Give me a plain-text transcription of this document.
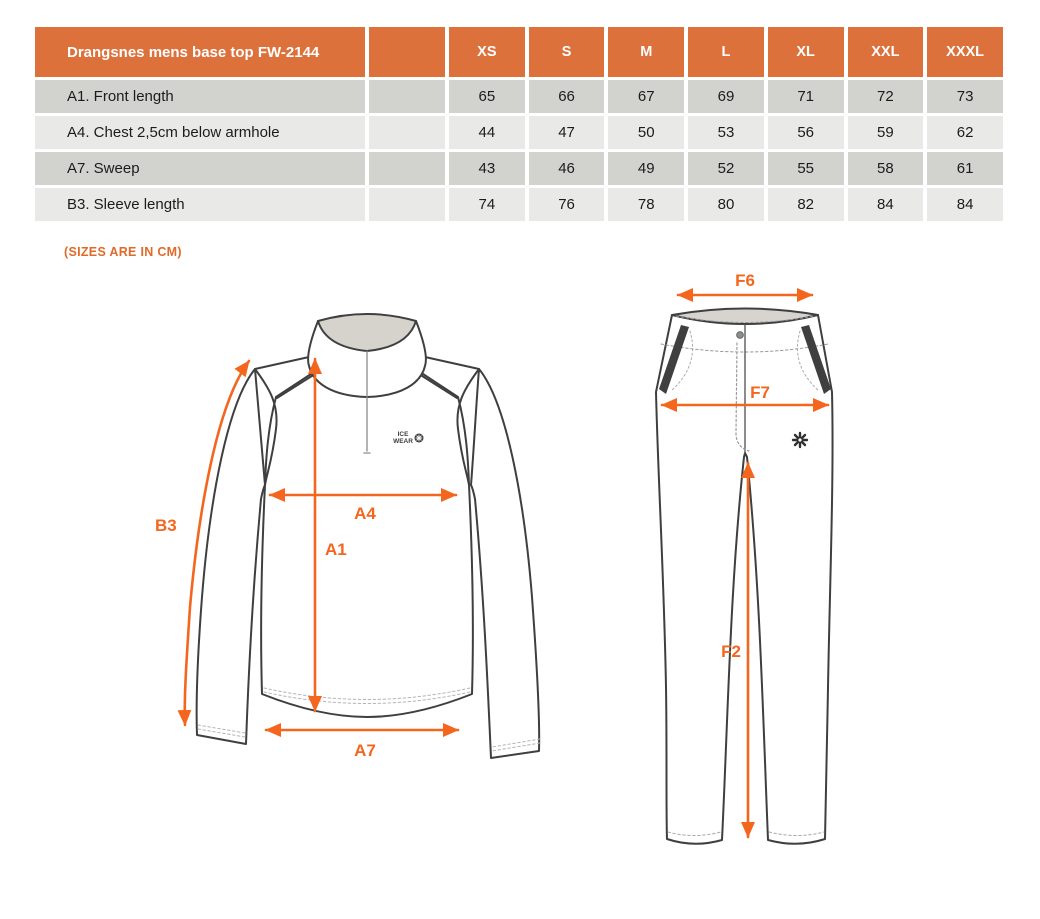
Drangsnes mens base top FW-2144		XS	S	M	L	XL	XXL	XXXL
A1. Front length		65	66	67	69	71	72	73
A4. Chest 2,5cm below armhole		44	47	50	53	56	59	62
A7. Sweep		43	46	49	52	55	58	61
B3. Sleeve length		74	76	78	80	82	84	84
(SIZES ARE IN CM)
ICE
WEAR
B3
A4
A1
A7
F6
F7
F2
